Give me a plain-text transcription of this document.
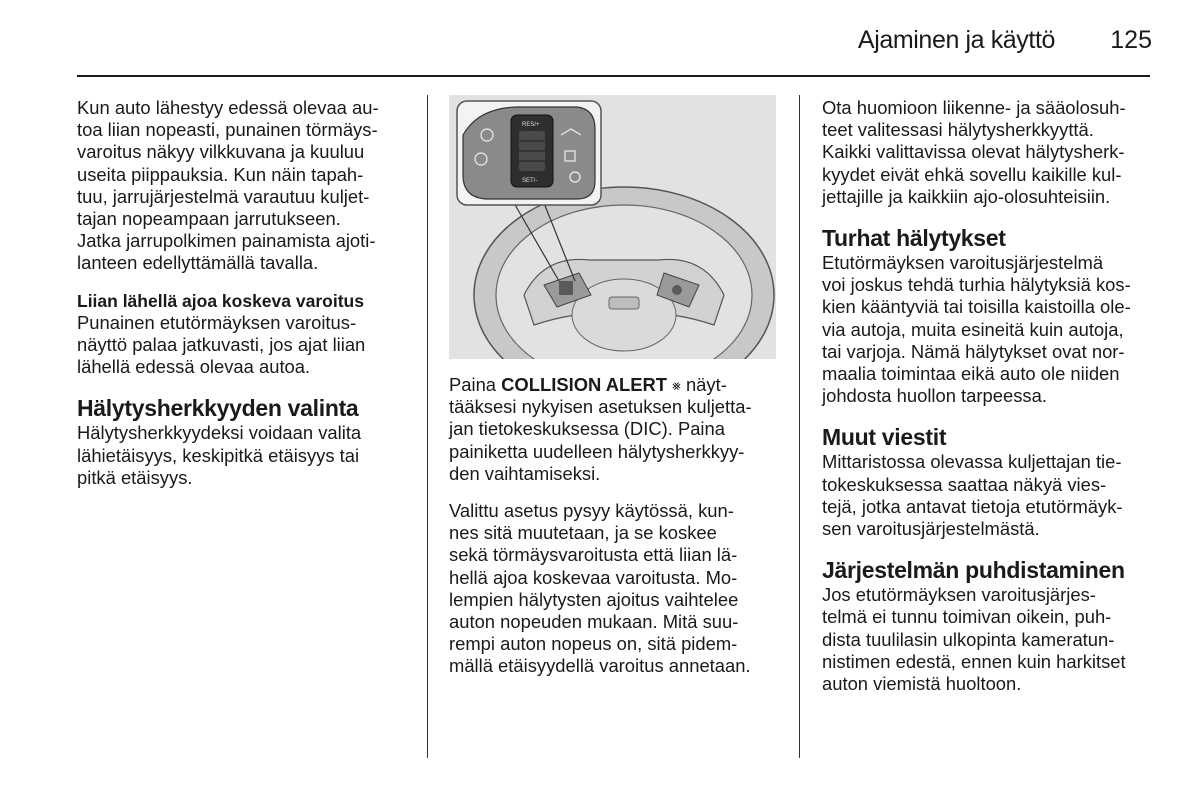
Ajaminen ja käyttö 125

Kun auto lähestyy edessä olevaa au-
toa liian nopeasti, punainen törmäys-
varoitus näkyy vilkkuvana ja kuuluu
useita piippauksia. Kun näin tapah-
tuu, jarrujärjestelmä varautuu kuljet-
tajan nopeampaan jarrutukseen.
Jatka jarrupolkimen painamista ajoti-
lanteen edellyttämällä tavalla.

Liian lähellä ajoa koskeva varoitus

Punainen etutörmäyksen varoitus-
näyttö palaa jatkuvasti, jos ajat liian
lähellä edessä olevaa autoa.

Hälytysherkkyyden valinta

Hälytysherkkyydeksi voidaan valita
lähietäisyys, keskipitkä etäisyys tai
pitkä etäisyys.

RES/+
SET/-

Paina COLLISION ALERT ⨳ näyt-
tääksesi nykyisen asetuksen kuljetta-
jan tietokeskuksessa (DIC). Paina
painiketta uudelleen hälytysherkkyy-
den vaihtamiseksi.

Valittu asetus pysyy käytössä, kun-
nes sitä muutetaan, ja se koskee
sekä törmäysvaroitusta että liian lä-
hellä ajoa koskevaa varoitusta. Mo-
lempien hälytysten ajoitus vaihtelee
auton nopeuden mukaan. Mitä suu-
rempi auton nopeus on, sitä pidem-
mällä etäisyydellä varoitus annetaan.

Ota huomioon liikenne- ja sääolosuh-
teet valitessasi hälytysherkkyyttä.
Kaikki valittavissa olevat hälytysherk-
kyydet eivät ehkä sovellu kaikille kul-
jettajille ja kaikkiin ajo-olosuhteisiin.

Turhat hälytykset

Etutörmäyksen varoitusjärjestelmä
voi joskus tehdä turhia hälytyksiä kos-
kien kääntyviä tai toisilla kaistoilla ole-
via autoja, muita esineitä kuin autoja,
tai varjoja. Nämä hälytykset ovat nor-
maalia toimintaa eikä auto ole niiden
johdosta huollon tarpeessa.

Muut viestit

Mittaristossa olevassa kuljettajan tie-
tokeskuksessa saattaa näkyä vies-
tejä, jotka antavat tietoja etutörmäyk-
sen varoitusjärjestelmästä.

Järjestelmän puhdistaminen

Jos etutörmäyksen varoitusjärjes-
telmä ei tunnu toimivan oikein, puh-
dista tuulilasin ulkopinta kameratun-
nistimen edestä, ennen kuin harkitset
auton viemistä huoltoon.
